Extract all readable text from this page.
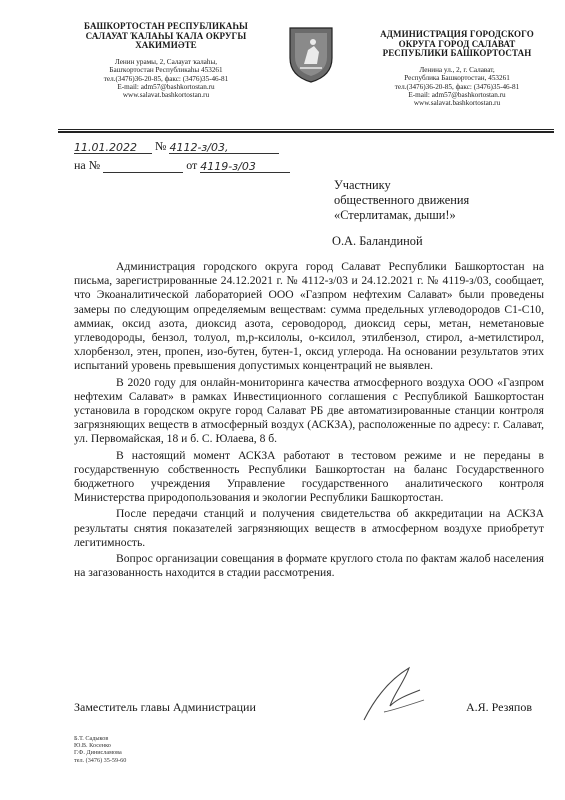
БАШКОРТОСТАН РЕСПУБЛИКАҺЫ
САЛАУАТ ҠАЛАҺЫ ҠАЛА ОКРУГЫ
ХАКИМИӘТЕ
Ленин урамы, 2, Салауат ҡалаһы,
Башҡортостан Республикаһы 453261
тел.(3476)36-20-85, факс: (3476)35-46-81
E-mail: adm57@bashkortostan.ru
www.salavat.bashkortostan.ru
АДМИНИСТРАЦИЯ ГОРОДСКОГО
ОКРУГА ГОРОД САЛАВАТ
РЕСПУБЛИКИ БАШКОРТОСТАН
Ленина ул., 2, г. Салават,
Республика Башкортостан, 453261
тел.(3476)36-20-85, факс: (3476)35-46-81
E-mail: adm57@bashkortostan.ru
www.salavat.bashkortostan.ru
11.01.2022 № 4112-з/03,
на №	от 4119-з/03
Участнику
общественного движения
«Стерлитамак, дыши!»
О.А. Баландиной

Администрация городского округа город Салават Республики Башкортостан на письма, зарегистрированные 24.12.2021 г. № 4112-з/03 и 24.12.2021 г. № 4119-з/03, сообщает, что Экоаналитической лабораторией ООО «Газпром нефтехим Салават» были проведены замеры по следующим определяемым веществам: сумма предельных углеводородов С1-С10, аммиак, оксид азота, диоксид азота, сероводород, диоксид серы, метан, неметановые углеводороды, бензол, толуол, m,p-ксилолы, о-ксилол, этилбензол, стирол, а-метилстирол, хлорбензол, этен, пропен, изо-бутен, бутен-1, оксид углерода. На основании результатов этих испытаний уровень превышения допустимых концентраций не выявлен.

В 2020 году для онлайн-мониторинга качества атмосферного воздуха ООО «Газпром нефтехим Салават» в рамках Инвестиционного соглашения с Республикой Башкортостан установила в городском округе город Салават РБ две автоматизированные станции контроля загрязняющих веществ в атмосферный воздух (АСКЗА), расположенные по адресу: г. Салават, ул. Первомайская, 18 и б. С. Юлаева, 8 б.

В настоящий момент АСКЗА работают в тестовом режиме и не переданы в государственную собственность Республики Башкортостан на баланс Государственного бюджетного учреждения Управление государственного аналитического контроля Министерства природопользования и экологии Республики Башкортостан.

После передачи станций и получения свидетельства об аккредитации на АСКЗА результаты снятия показателей загрязняющих веществ в атмосферном воздухе приобретут легитимность.

Вопрос организации совещания в формате круглого стола по фактам жалоб населения на загазованность находится в стадии рассмотрения.

Заместитель главы Администрации	А.Я. Резяпов
Б.Т. Садыков
Ю.В. Косенко
Г.Ф. Динисламова
тел. (3476) 35-59-60
